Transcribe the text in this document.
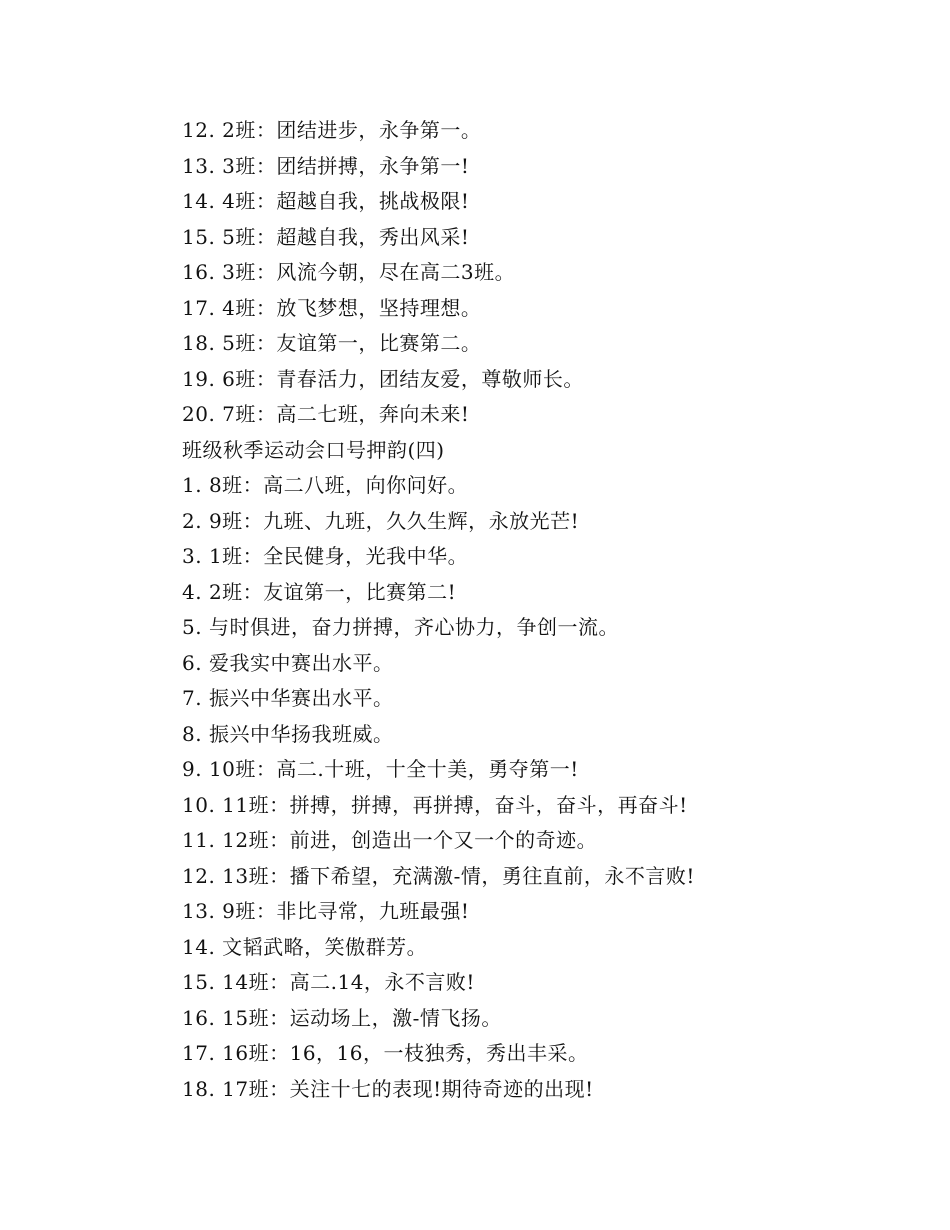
12. 2班：团结进步，永争第一。
13. 3班：团结拼搏，永争第一!
14. 4班：超越自我，挑战极限!
15. 5班：超越自我，秀出风采!
16. 3班：风流今朝，尽在高二3班。
17. 4班：放飞梦想，坚持理想。
18. 5班：友谊第一，比赛第二。
19. 6班：青春活力，团结友爱，尊敬师长。
20. 7班：高二七班，奔向未来!
班级秋季运动会口号押韵(四)
1. 8班：高二八班，向你问好。
2. 9班：九班、九班，久久生辉，永放光芒!
3. 1班：全民健身，光我中华。
4. 2班：友谊第一，比赛第二!
5. 与时俱进，奋力拼搏，齐心协力，争创一流。
6. 爱我实中赛出水平。
7. 振兴中华赛出水平。
8. 振兴中华扬我班威。
9. 10班：高二.十班，十全十美，勇夺第一!
10. 11班：拼搏，拼搏，再拼搏，奋斗，奋斗，再奋斗!
11. 12班：前进，创造出一个又一个的奇迹。
12. 13班：播下希望，充满激-情，勇往直前，永不言败!
13. 9班：非比寻常，九班最强!
14. 文韬武略，笑傲群芳。
15. 14班：高二.14，永不言败!
16. 15班：运动场上，激-情飞扬。
17. 16班：16，16，一枝独秀，秀出丰采。
18. 17班：关注十七的表现!期待奇迹的出现!
